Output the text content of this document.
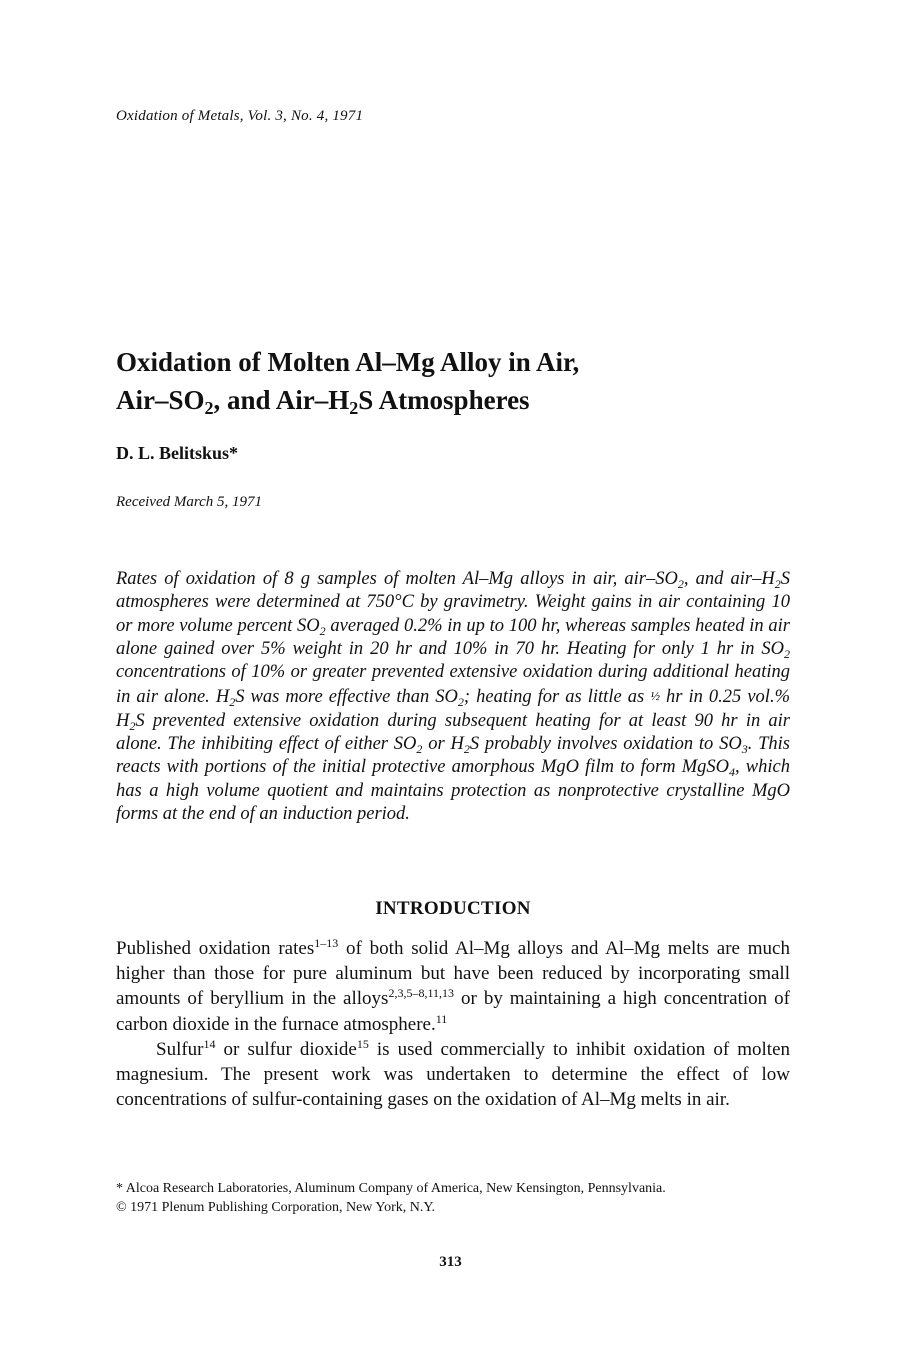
Oxidation of Metals, Vol. 3, No. 4, 1971
Oxidation of Molten Al–Mg Alloy in Air,
Air–$SO_2$, and Air–$H_2S$ Atmospheres
D. L. Belitskus*
Received March 5, 1971
Rates of oxidation of 8 g samples of molten Al–Mg alloys in air, air–$SO_2$, and air–$H_2S$ atmospheres were determined at 750°C by gravimetry. Weight gains in air containing 10 or more volume percent $SO_2$ averaged 0.2% in up to 100 hr, whereas samples heated in air alone gained over 5% weight in 20 hr and 10% in 70 hr. Heating for only 1 hr in $SO_2$ concentrations of 10% or greater prevented extensive oxidation during additional heating in air alone. $H_2S$ was more effective than $SO_2$; heating for as little as ½ hr in 0.25 vol.% $H_2S$ prevented extensive oxidation during subsequent heating for at least 90 hr in air alone. The inhibiting effect of either $SO_2$ or $H_2S$ probably involves oxidation to $SO_3$. This reacts with portions of the initial protective amorphous MgO film to form MgSO$_4$, which has a high volume quotient and maintains protection as nonprotective crystalline MgO forms at the end of an induction period.
INTRODUCTION

Published oxidation rates$^{1-13}$ of both solid Al–Mg alloys and Al–Mg melts are much higher than those for pure aluminum but have been reduced by incorporating small amounts of beryllium in the alloys$^{2,3,5-8,11,13}$ or by maintaining a high concentration of carbon dioxide in the furnace atmosphere.$^{11}$

Sulfur$^{14}$ or sulfur dioxide$^{15}$ is used commercially to inhibit oxidation of molten magnesium. The present work was undertaken to determine the effect of low concentrations of sulfur-containing gases on the oxidation of Al–Mg melts in air.

* Alcoa Research Laboratories, Aluminum Company of America, New Kensington, Pennsylvania.
© 1971 Plenum Publishing Corporation, New York, N.Y.
313
